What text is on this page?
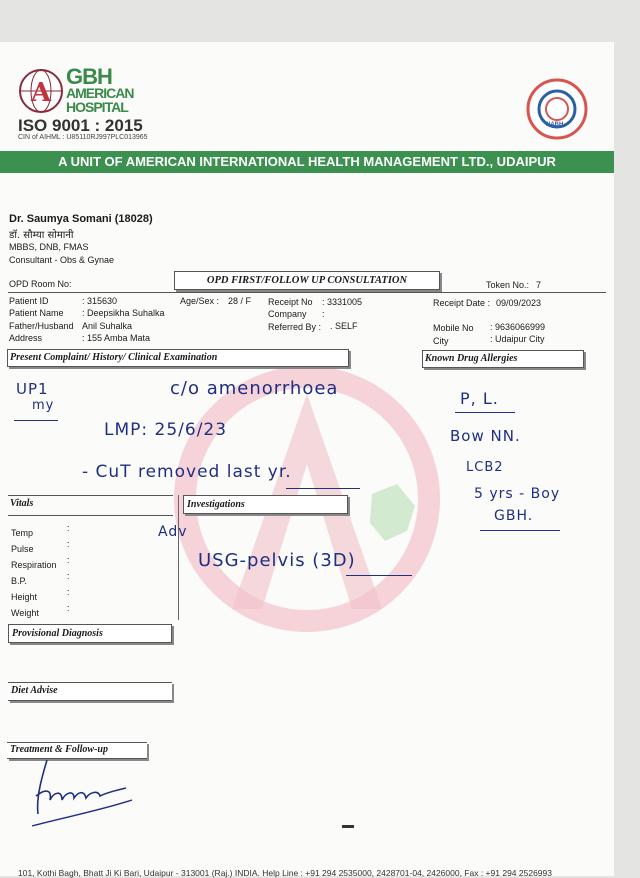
A
GBH
AMERICAN
HOSPITAL
ISO 9001 : 2015
CIN of AIHML : U85110RJ997PLC013965
NABH
A UNIT OF AMERICAN INTERNATIONAL HEALTH MANAGEMENT LTD., UDAIPUR
Dr. Saumya Somani (18028)
डॉ. सौम्या सोमानी
MBBS, DNB, FMAS
Consultant - Obs & Gynae
OPD Room No:	OPD FIRST/FOLLOW UP CONSULTATION	Token No.: 7
Patient ID	: 315630
Patient Name : Deepsikha Suhalka
Father/Husband Anil Suhalka
Address	: 155 Amba Mata
Age/Sex : 28 / F Receipt No : 3331005
Company :
Referred By : . SELF
Receipt Date : 09/09/2023
Mobile No : 9636066999
City	: Udaipur City
Present Complaint/ History/ Clinical Examination	Known Drug Allergies
Vitals	Investigations
Temp	:
Pulse	:
Respiration :
B.P.	:
Height	:
Weight	:
Provisional Diagnosis
Diet Advise
Treatment & Follow-up
UP1
my
c/o amenorrhoea
LMP: 25/6/23
- CuT removed last yr.
P, L.
Bow NN.
LCB2
5 yrs - Boy
GBH.
Adv
USG-pelvis (3D)
101, Kothi Bagh, Bhatt Ji Ki Bari, Udaipur - 313001 (Raj.) INDIA. Help Line : +91 294 2535000, 2428701-04, 2426000, Fax : +91 294 2526993
